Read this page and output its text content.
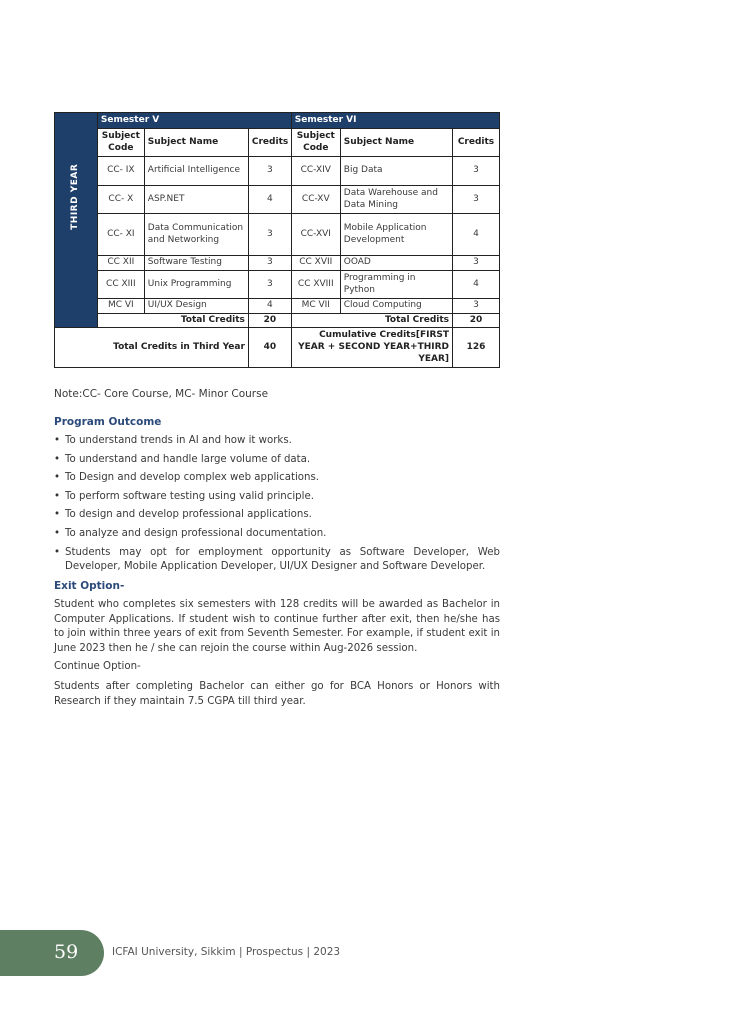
THIRD YEAR	Semester V			Semester VI		
	Subject Code	Subject Name	Credits	Subject Code	Subject Name	Credits
	CC- IX	Artificial Intelligence	3	CC-XIV	Big Data	3
	CC- X	ASP.NET	4	CC-XV	Data Warehouse and Data Mining	3
	CC- XI	Data Communication and Networking	3	CC-XVI	Mobile Application Development	4
	CC XII	Software Testing	3	CC XVII	OOAD	3
	CC XIII	Unix Programming	3	CC XVIII	Programming in Python	4
	MC VI	UI/UX Design	4	MC VII	Cloud Computing	3
	Total Credits		20	Total Credits		20
Total Credits in Third Year			40	Cumulative Credits[FIRST YEAR + SECOND YEAR+THIRD YEAR]		126
Note:CC- Core Course, MC- Minor Course
Program Outcome
• To understand trends in AI and how it works.
• To understand and handle large volume of data.
• To Design and develop complex web applications.
• To perform software testing using valid principle.
• To design and develop professional applications.
• To analyze and design professional documentation.
• Students may opt for employment opportunity as Software Developer, Web Developer, Mobile Application Developer, UI/UX Designer and Software Developer.
Exit Option-

Student who completes six semesters with 128 credits will be awarded as Bachelor in Computer Applications. If student wish to continue further after exit, then he/she has to join within three years of exit from Seventh Semester. For example, if student exit in June 2023 then he / she can rejoin the course within Aug-2026 session.

Continue Option-

Students after completing Bachelor can either go for BCA Honors or Honors with Research if they maintain 7.5 CGPA till third year.

59	ICFAI University, Sikkim | Prospectus | 2023
